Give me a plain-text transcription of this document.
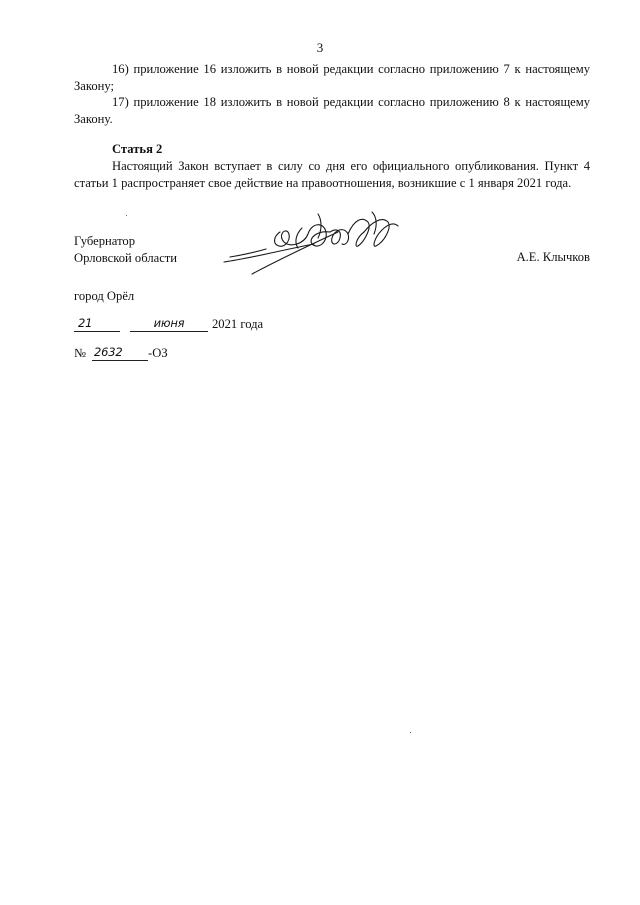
3

16) приложение 16 изложить в новой редакции согласно приложению 7 к настоящему Закону;

17) приложение 18 изложить в новой редакции согласно приложению 8 к настоящему Закону.

Статья 2

Настоящий Закон вступает в силу со дня его официального опубликования. Пункт 4 статьи 1 распространяет свое действие на правоотношения, возникшие с 1 января 2021 года.

Губернатор
Орловской области	А.Е. Клычков
город Орёл
21	июня	2021 года
№ 2632	-ОЗ
